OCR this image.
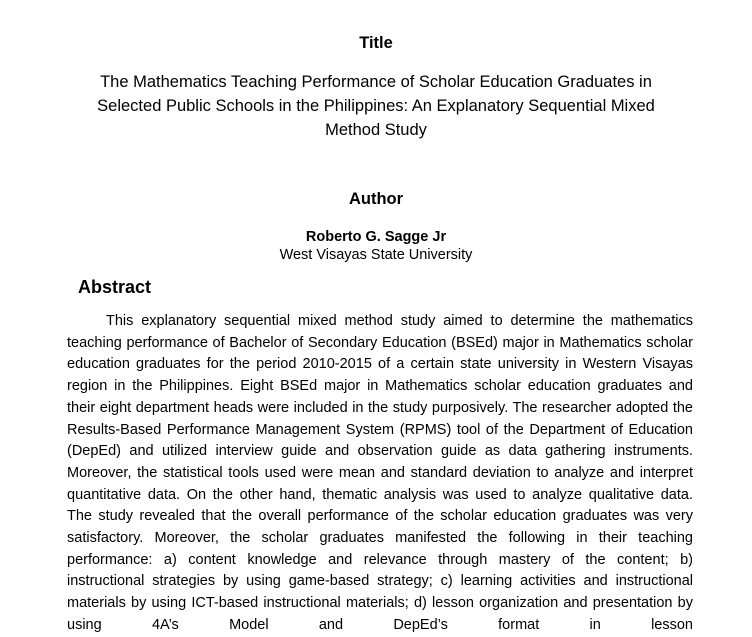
Title
The Mathematics Teaching Performance of Scholar Education Graduates in Selected Public Schools in the Philippines: An Explanatory Sequential Mixed Method Study
Author
Roberto G. Sagge Jr
West Visayas State University
Abstract
This explanatory sequential mixed method study aimed to determine the mathematics teaching performance of Bachelor of Secondary Education (BSEd) major in Mathematics scholar education graduates for the period 2010-2015 of a certain state university in Western Visayas region in the Philippines. Eight BSEd major in Mathematics scholar education graduates and their eight department heads were included in the study purposively. The researcher adopted the Results-Based Performance Management System (RPMS) tool of the Department of Education (DepEd) and utilized interview guide and observation guide as data gathering instruments. Moreover, the statistical tools used were mean and standard deviation to analyze and interpret quantitative data. On the other hand, thematic analysis was used to analyze qualitative data. The study revealed that the overall performance of the scholar education graduates was very satisfactory. Moreover, the scholar graduates manifested the following in their teaching performance: a) content knowledge and relevance through mastery of the content; b) instructional strategies by using game-based strategy; c) learning activities and instructional materials by using ICT-based instructional materials; d) lesson organization and presentation by using 4A’s Model and DepEd’s format in lesson
